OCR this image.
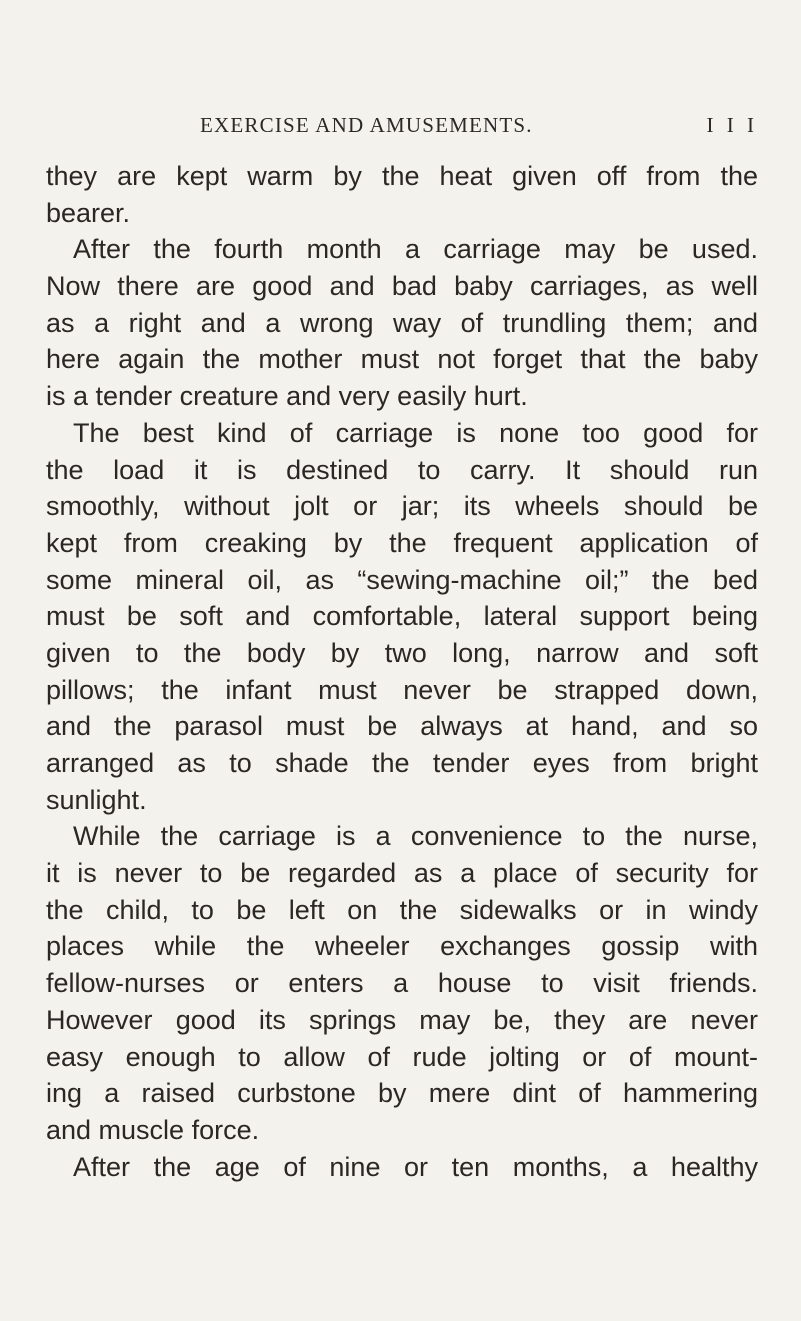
EXERCISE AND AMUSEMENTS.	I I I
they are kept warm by the heat given off from the
bearer.
After the fourth month a carriage may be used.
Now there are good and bad baby carriages, as well
as a right and a wrong way of trundling them; and
here again the mother must not forget that the baby
is a tender creature and very easily hurt.
The best kind of carriage is none too good for
the load it is destined to carry. It should run
smoothly, without jolt or jar; its wheels should be
kept from creaking by the frequent application of
some mineral oil, as “sewing-machine oil;” the bed
must be soft and comfortable, lateral support being
given to the body by two long, narrow and soft
pillows; the infant must never be strapped down,
and the parasol must be always at hand, and so
arranged as to shade the tender eyes from bright
sunlight.
While the carriage is a convenience to the nurse,
it is never to be regarded as a place of security for
the child, to be left on the sidewalks or in windy
places while the wheeler exchanges gossip with
fellow-nurses or enters a house to visit friends.
However good its springs may be, they are never
easy enough to allow of rude jolting or of mount-
ing a raised curbstone by mere dint of hammering
and muscle force.
After the age of nine or ten months, a healthy
